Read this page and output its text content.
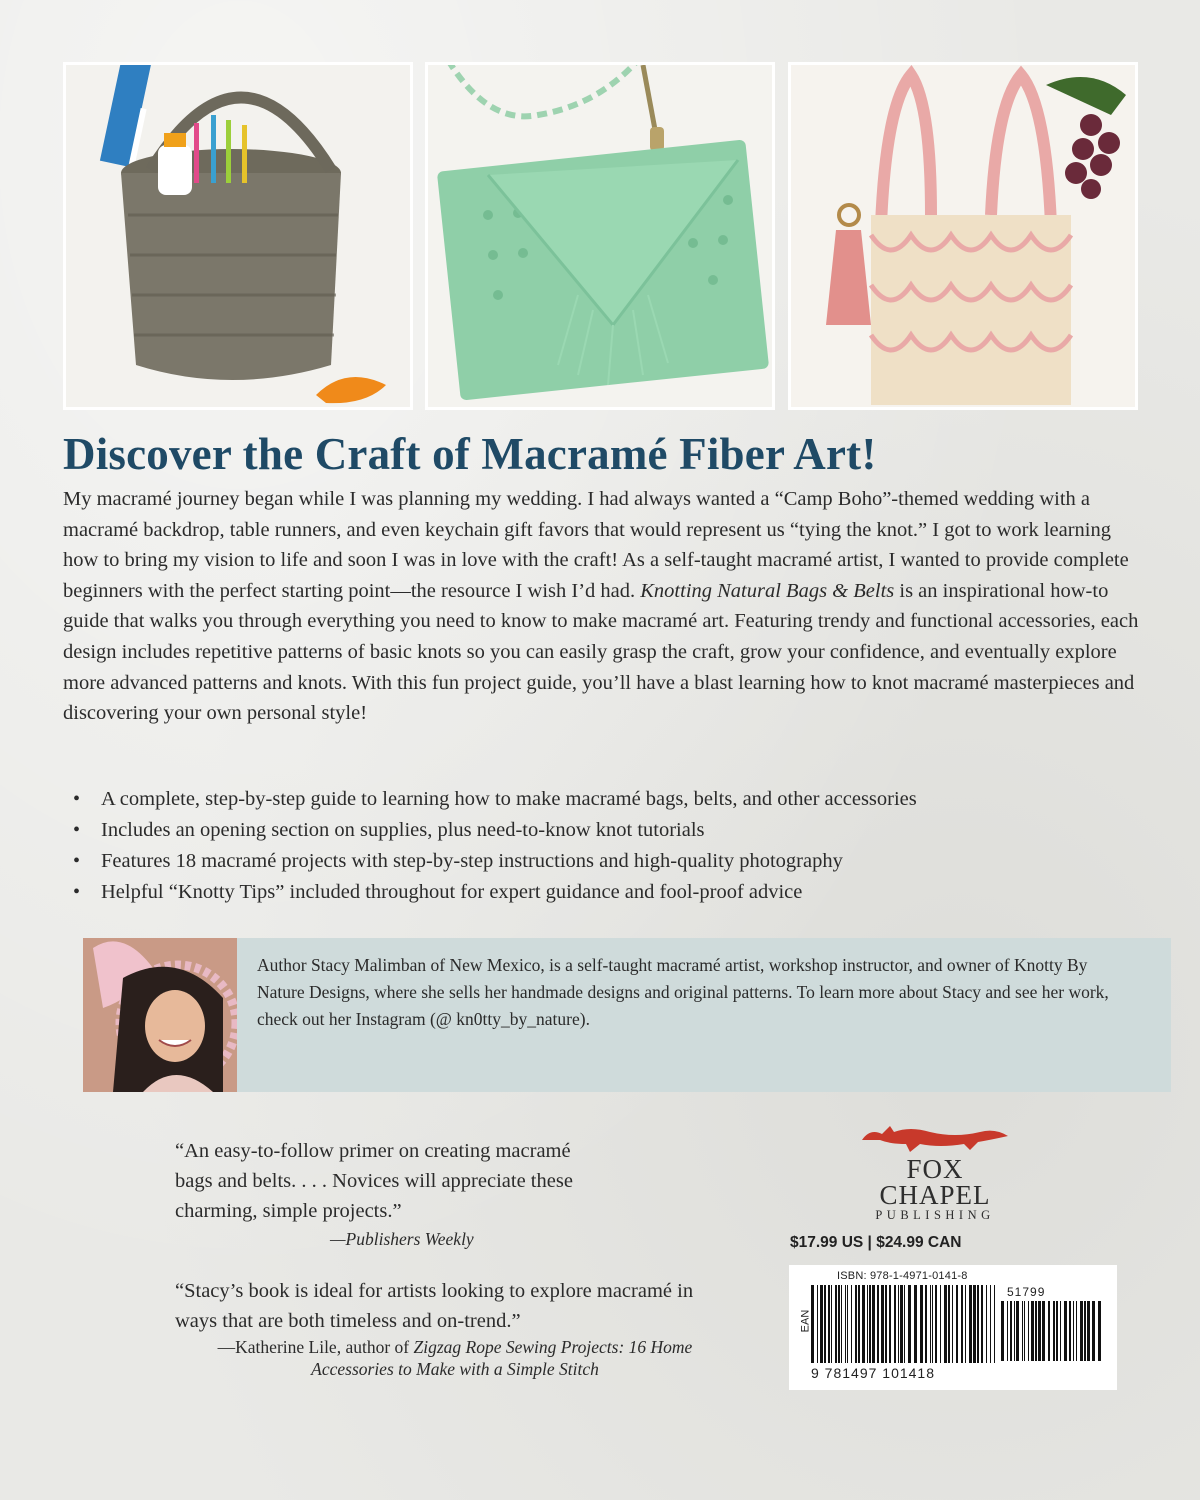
Discover the Craft of Macramé Fiber Art!

My macramé journey began while I was planning my wedding. I had always wanted a “Camp Boho”-themed wedding with a macramé backdrop, table runners, and even keychain gift favors that would represent us “tying the knot.” I got to work learning how to bring my vision to life and soon I was in love with the craft! As a self-taught macramé artist, I wanted to provide complete beginners with the perfect starting point—the resource I wish I’d had. Knotting Natural Bags & Belts is an inspirational how-to guide that walks you through everything you need to know to make macramé art. Featuring trendy and functional accessories, each design includes repetitive patterns of basic knots so you can easily grasp the craft, grow your confidence, and eventually explore more advanced patterns and knots. With this fun project guide, you’ll have a blast learning how to knot macramé masterpieces and discovering your own personal style!

• A complete, step-by-step guide to learning how to make macramé bags, belts, and other accessories
• Includes an opening section on supplies, plus need-to-know knot tutorials
• Features 18 macramé projects with step-by-step instructions and high-quality photography
• Helpful “Knotty Tips” included throughout for expert guidance and fool-proof advice

Author Stacy Malimban of New Mexico, is a self-taught macramé artist, workshop instructor, and owner of Knotty By Nature Designs, where she sells her handmade designs and original patterns. To learn more about Stacy and see her work, check out her Instagram (@ kn0tty_by_nature).

“An easy-to-follow primer on creating macramé bags and belts. . . . Novices will appreciate these charming, simple projects.”

—Publishers Weekly

“Stacy’s book is ideal for artists looking to explore macramé in ways that are both timeless and on-trend.”

—Katherine Lile, author of Zigzag Rope Sewing Projects: 16 Home Accessories to Make with a Simple Stitch

FOX CHAPEL
PUBLISHING
$17.99 US | $24.99 CAN
ISBN: 978-1-4971-0141-8
EAN
9 781497 101418
51799
